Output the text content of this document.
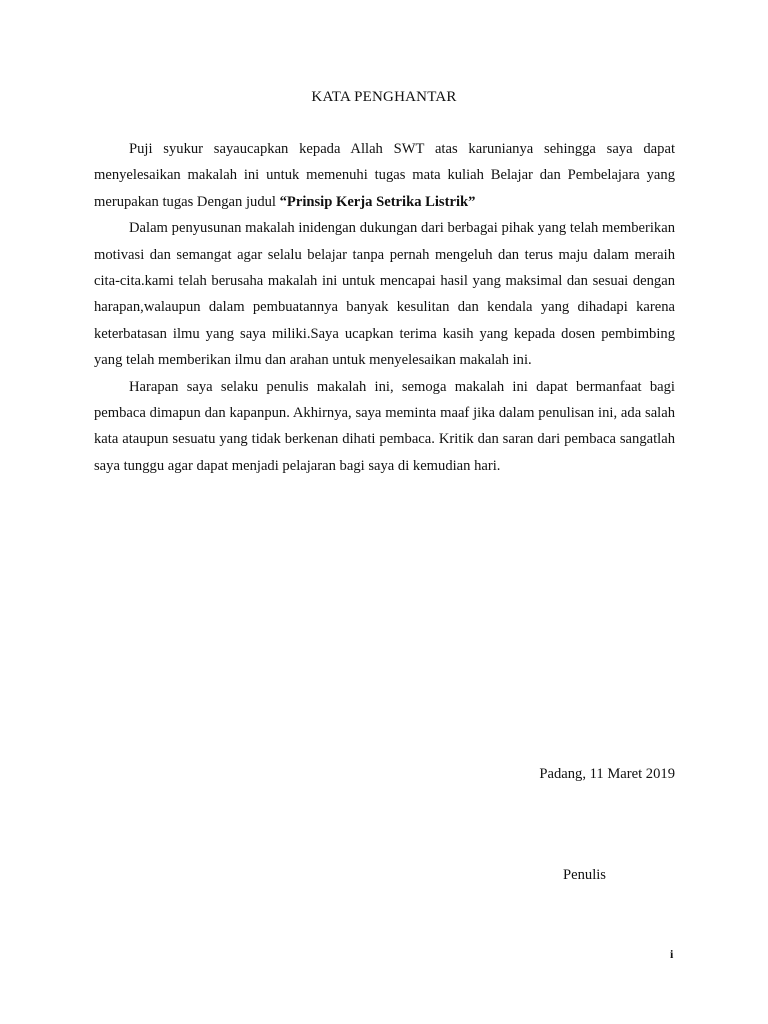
KATA PENGHANTAR

Puji syukur sayaucapkan kepada Allah SWT atas karunianya sehingga saya dapat menyelesaikan makalah ini untuk memenuhi tugas mata kuliah Belajar dan Pembelajara yang merupakan tugas Dengan judul “Prinsip Kerja Setrika Listrik”

Dalam penyusunan makalah inidengan dukungan dari berbagai pihak yang telah memberikan motivasi dan semangat agar selalu belajar tanpa pernah mengeluh dan terus maju dalam meraih cita-cita.kami telah berusaha makalah ini untuk mencapai hasil yang maksimal dan sesuai dengan harapan,walaupun dalam pembuatannya banyak kesulitan dan kendala yang dihadapi karena keterbatasan ilmu yang saya miliki.Saya ucapkan terima kasih yang kepada dosen pembimbing yang telah memberikan ilmu dan arahan untuk menyelesaikan makalah ini.

Harapan saya selaku penulis makalah ini, semoga makalah ini dapat bermanfaat bagi pembaca dimapun dan kapanpun. Akhirnya, saya meminta maaf jika dalam penulisan ini, ada salah kata ataupun sesuatu yang tidak berkenan dihati pembaca. Kritik dan saran dari pembaca sangatlah saya tunggu agar dapat menjadi pelajaran bagi saya di kemudian hari.

Padang, 11 Maret 2019
Penulis
i
